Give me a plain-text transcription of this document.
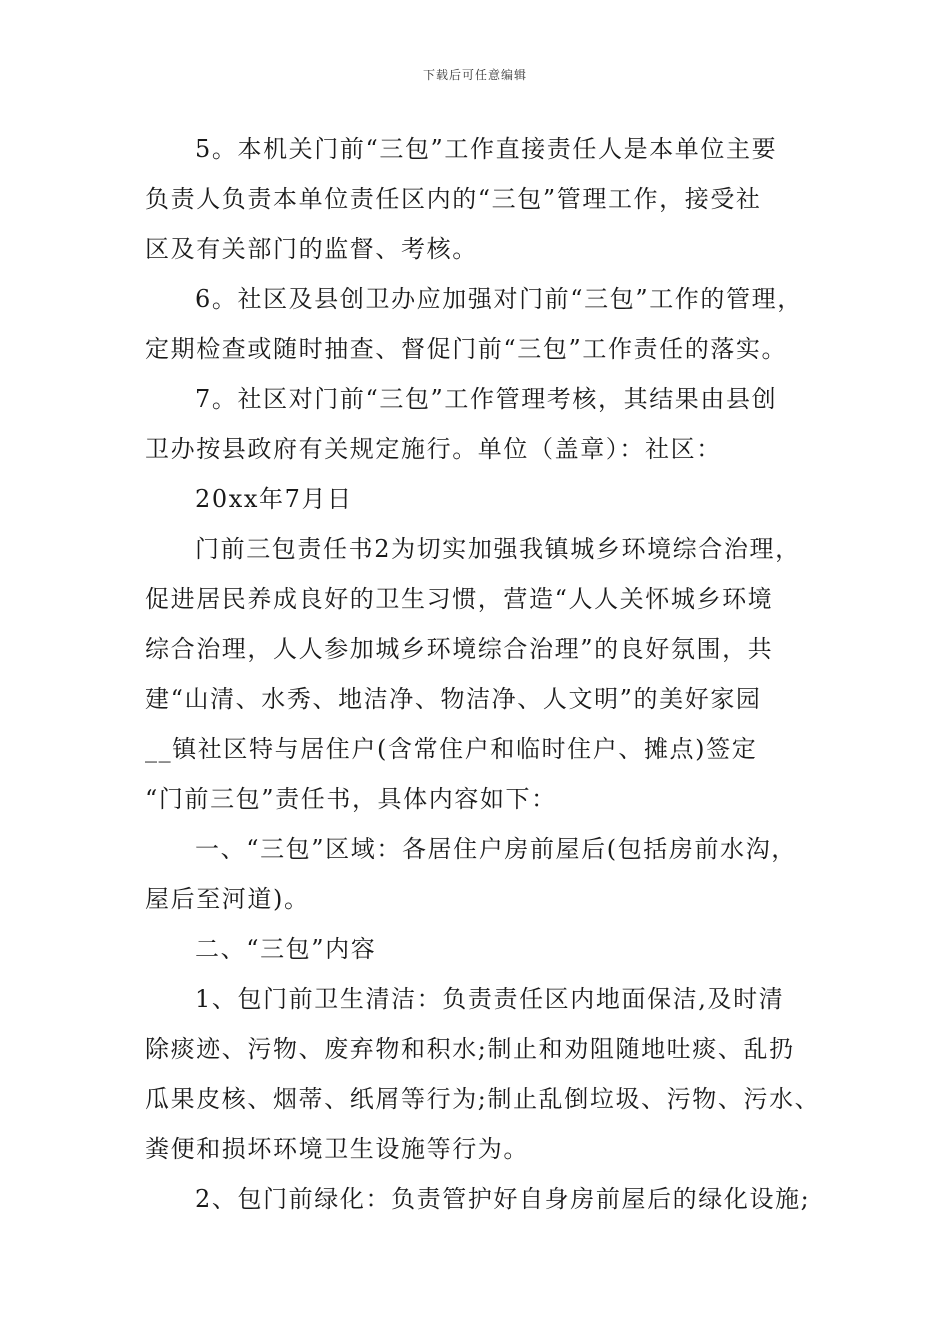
下载后可任意编辑
5。本机关门前“三包”工作直接责任人是本单位主要
负责人负责本单位责任区内的“三包”管理工作，接受社
区及有关部门的监督、考核。
6。社区及县创卫办应加强对门前“三包”工作的管理，
定期检查或随时抽查、督促门前“三包”工作责任的落实。
7。社区对门前“三包”工作管理考核，其结果由县创
卫办按县政府有关规定施行。单位（盖章）：社区：
20xx年7月日
门前三包责任书2为切实加强我镇城乡环境综合治理，
促进居民养成良好的卫生习惯，营造“人人关怀城乡环境
综合治理，人人参加城乡环境综合治理”的良好氛围，共
建“山清、水秀、地洁净、物洁净、人文明”的美好家园
__镇社区特与居住户(含常住户和临时住户、摊点)签定
“门前三包”责任书，具体内容如下：
一、“三包”区域：各居住户房前屋后(包括房前水沟，
屋后至河道)。
二、“三包”内容
1、包门前卫生清洁：负责责任区内地面保洁,及时清
除痰迹、污物、废弃物和积水;制止和劝阻随地吐痰、乱扔
瓜果皮核、烟蒂、纸屑等行为;制止乱倒垃圾、污物、污水、
粪便和损坏环境卫生设施等行为。
2、包门前绿化：负责管护好自身房前屋后的绿化设施;
